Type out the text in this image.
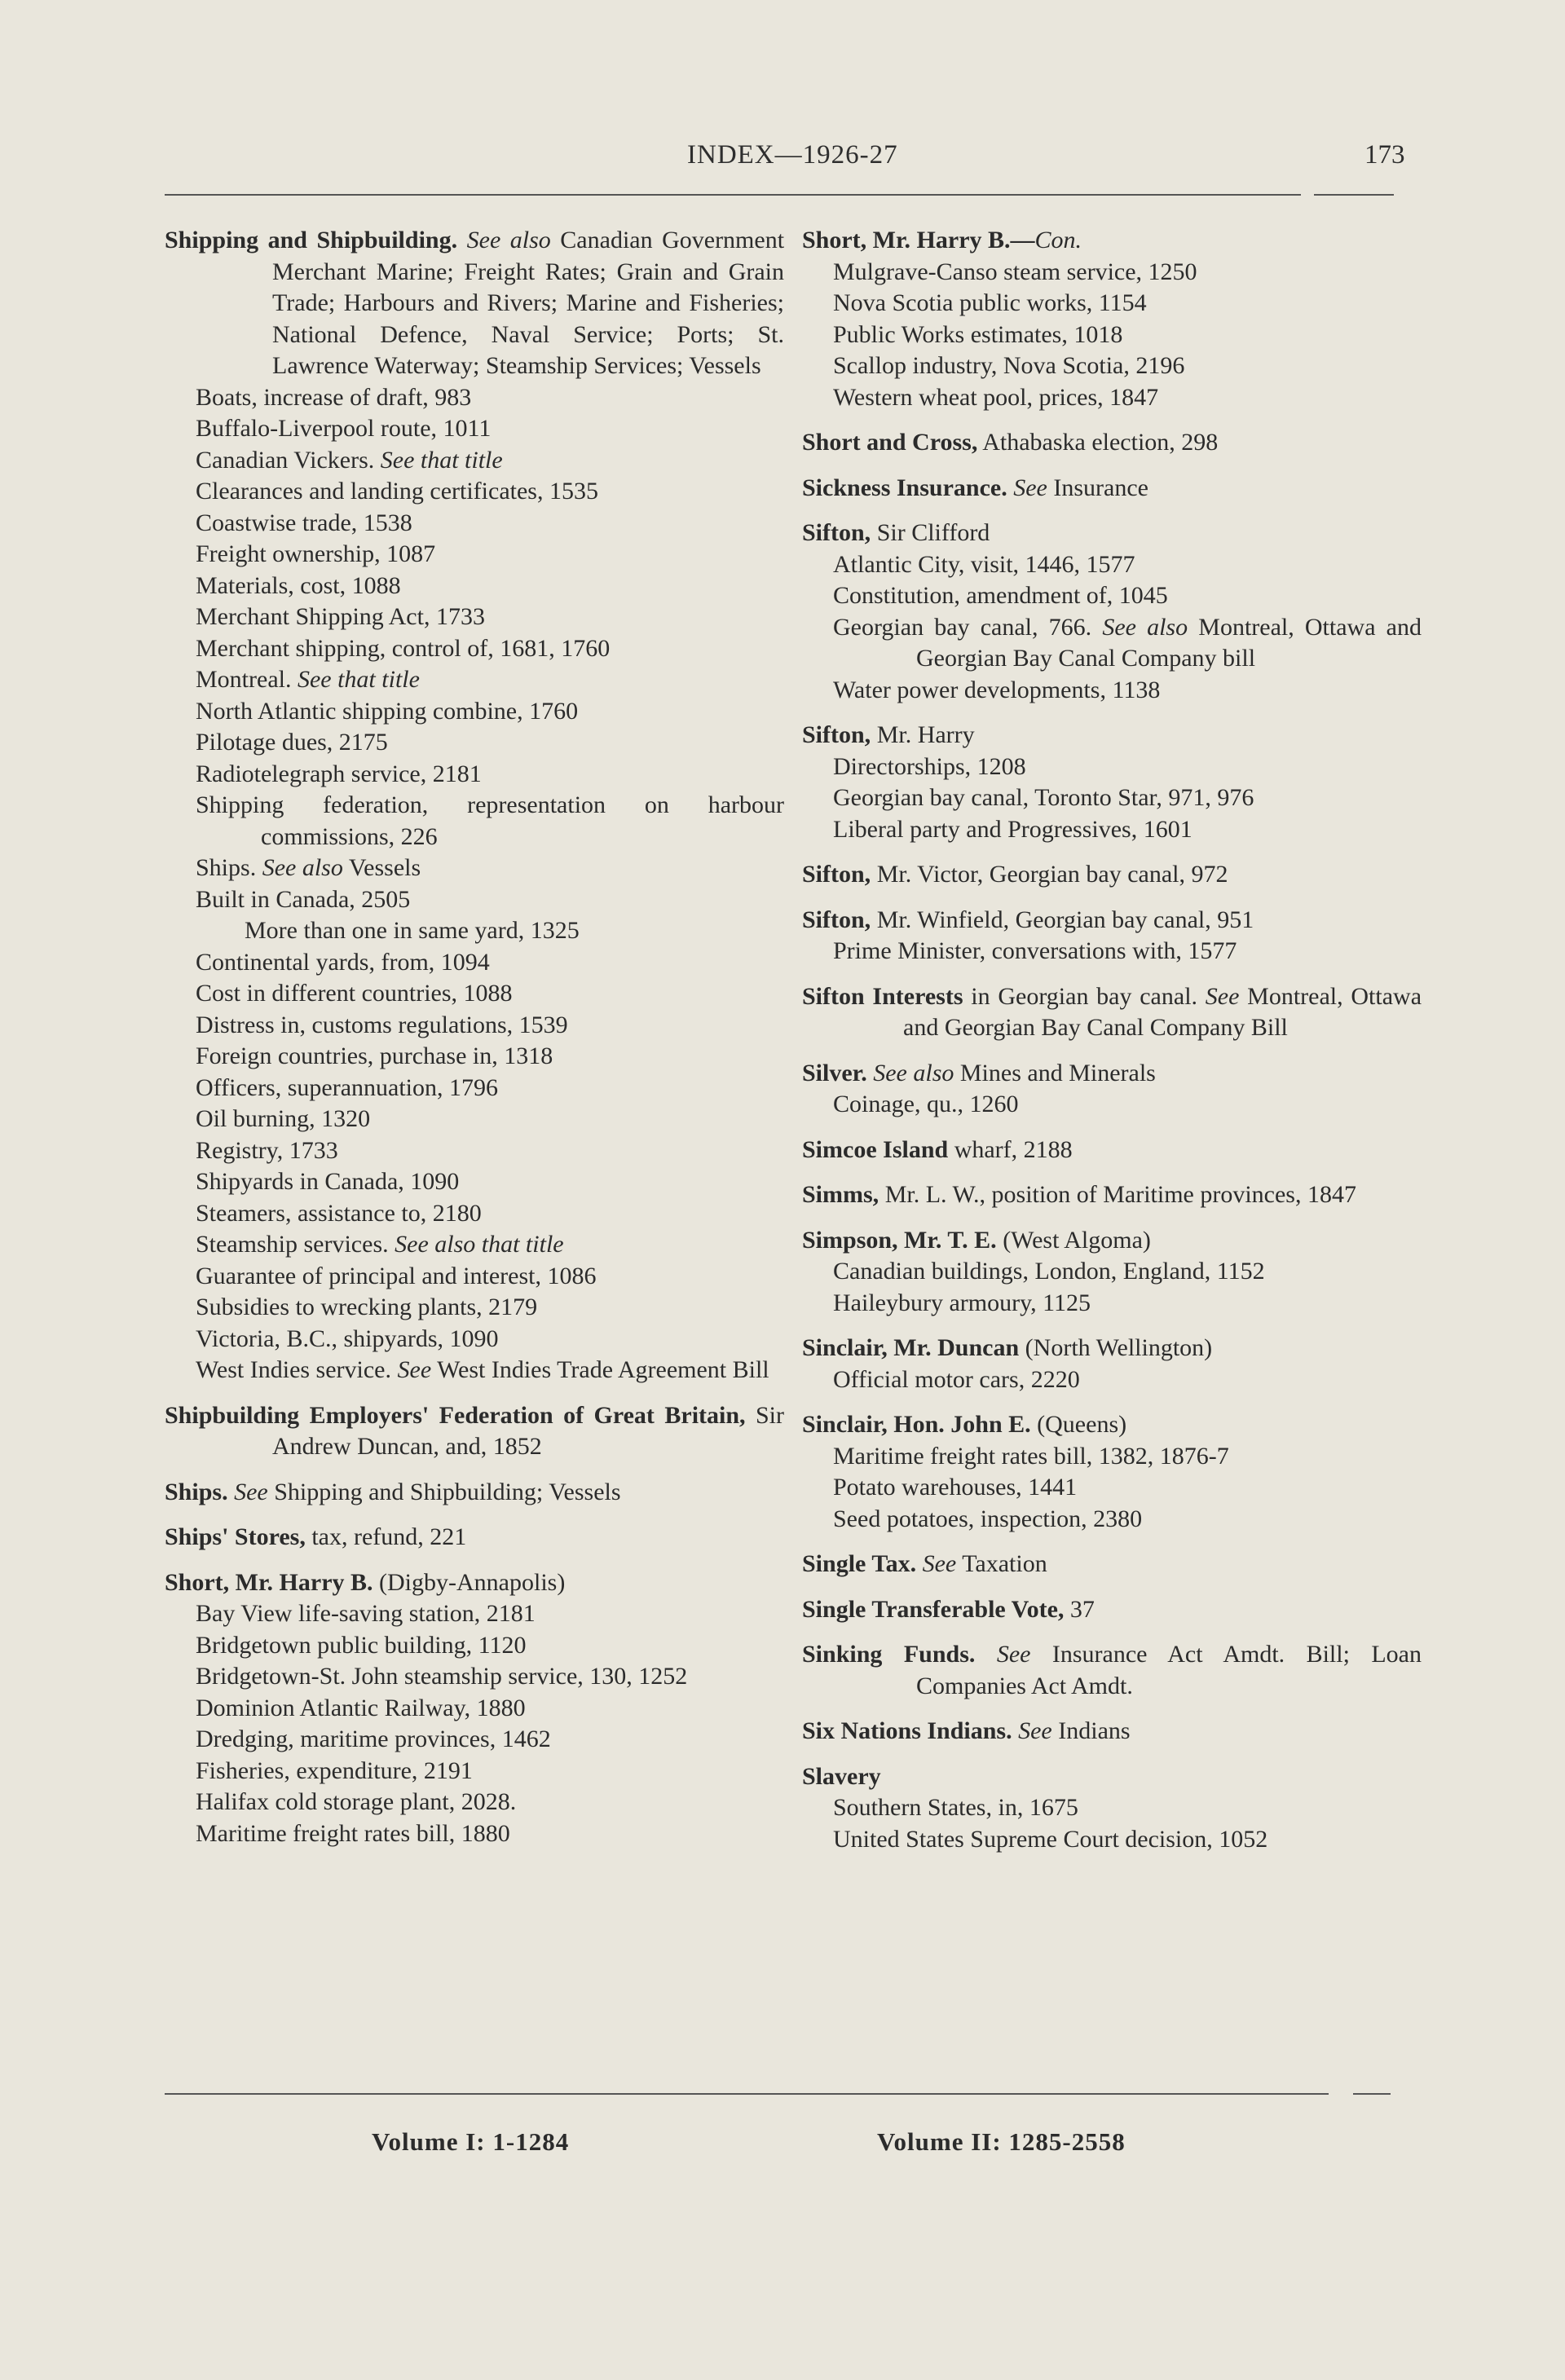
INDEX—1926-27	173
Shipping and Shipbuilding. See also Canadian Government Merchant Marine; Freight Rates; Grain and Grain Trade; Harbours and Rivers; Marine and Fisheries; National Defence, Naval Service; Ports; St. Lawrence Waterway; Steamship Services; Vessels
Boats, increase of draft, 983
Buffalo-Liverpool route, 1011
Canadian Vickers. See that title
Clearances and landing certificates, 1535
Coastwise trade, 1538
Freight ownership, 1087
Materials, cost, 1088
Merchant Shipping Act, 1733
Merchant shipping, control of, 1681, 1760
Montreal. See that title
North Atlantic shipping combine, 1760
Pilotage dues, 2175
Radiotelegraph service, 2181
Shipping federation, representation on harbour commissions, 226
Ships. See also Vessels
Built in Canada, 2505
More than one in same yard, 1325
Continental yards, from, 1094
Cost in different countries, 1088
Distress in, customs regulations, 1539
Foreign countries, purchase in, 1318
Officers, superannuation, 1796
Oil burning, 1320
Registry, 1733
Shipyards in Canada, 1090
Steamers, assistance to, 2180
Steamship services. See also that title
Guarantee of principal and interest, 1086
Subsidies to wrecking plants, 2179
Victoria, B.C., shipyards, 1090
West Indies service. See West Indies Trade Agreement Bill
Shipbuilding Employers' Federation of Great Britain, Sir Andrew Duncan, and, 1852
Ships. See Shipping and Shipbuilding; Vessels
Ships' Stores, tax, refund, 221
Short, Mr. Harry B. (Digby-Annapolis)
Bay View life-saving station, 2181
Bridgetown public building, 1120
Bridgetown-St. John steamship service, 130, 1252
Dominion Atlantic Railway, 1880
Dredging, maritime provinces, 1462
Fisheries, expenditure, 2191
Halifax cold storage plant, 2028.
Maritime freight rates bill, 1880
Short, Mr. Harry B.—Con.
Mulgrave-Canso steam service, 1250
Nova Scotia public works, 1154
Public Works estimates, 1018
Scallop industry, Nova Scotia, 2196
Western wheat pool, prices, 1847
Short and Cross, Athabaska election, 298
Sickness Insurance. See Insurance
Sifton, Sir Clifford
Atlantic City, visit, 1446, 1577
Constitution, amendment of, 1045
Georgian bay canal, 766. See also Montreal, Ottawa and Georgian Bay Canal Company bill
Water power developments, 1138
Sifton, Mr. Harry
Directorships, 1208
Georgian bay canal, Toronto Star, 971, 976
Liberal party and Progressives, 1601
Sifton, Mr. Victor, Georgian bay canal, 972
Sifton, Mr. Winfield, Georgian bay canal, 951
Prime Minister, conversations with, 1577
Sifton Interests in Georgian bay canal. See Montreal, Ottawa and Georgian Bay Canal Company Bill
Silver. See also Mines and Minerals
Coinage, qu., 1260
Simcoe Island wharf, 2188
Simms, Mr. L. W., position of Maritime provinces, 1847
Simpson, Mr. T. E. (West Algoma)
Canadian buildings, London, England, 1152
Haileybury armoury, 1125
Sinclair, Mr. Duncan (North Wellington)
Official motor cars, 2220
Sinclair, Hon. John E. (Queens)
Maritime freight rates bill, 1382, 1876-7
Potato warehouses, 1441
Seed potatoes, inspection, 2380
Single Tax. See Taxation
Single Transferable Vote, 37
Sinking Funds. See Insurance Act Amdt. Bill; Loan Companies Act Amdt.
Six Nations Indians. See Indians
Slavery
Southern States, in, 1675
United States Supreme Court decision, 1052
Volume I: 1-1284	Volume II: 1285-2558
